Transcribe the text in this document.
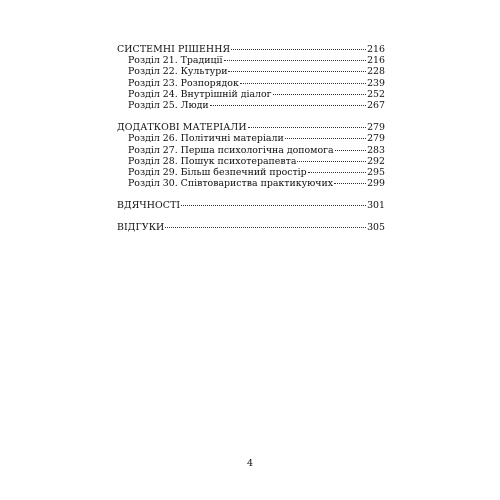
СИСТЕМНІ РІШЕННЯ	216
Розділ 21. Традиції	216
Розділ 22. Культури	228
Розділ 23. Розпорядок	239
Розділ 24. Внутрішній діалог	252
Розділ 25. Люди	267
ДОДАТКОВІ МАТЕРІАЛИ	279
Розділ 26. Політичні матеріали	279
Розділ 27. Перша психологічна допомога	283
Розділ 28. Пошук психотерапевта	292
Розділ 29. Більш безпечний простір	295
Розділ 30. Співтовариства практикуючих	299
ВДЯЧНОСТІ	301
ВІДГУКИ	305
4
